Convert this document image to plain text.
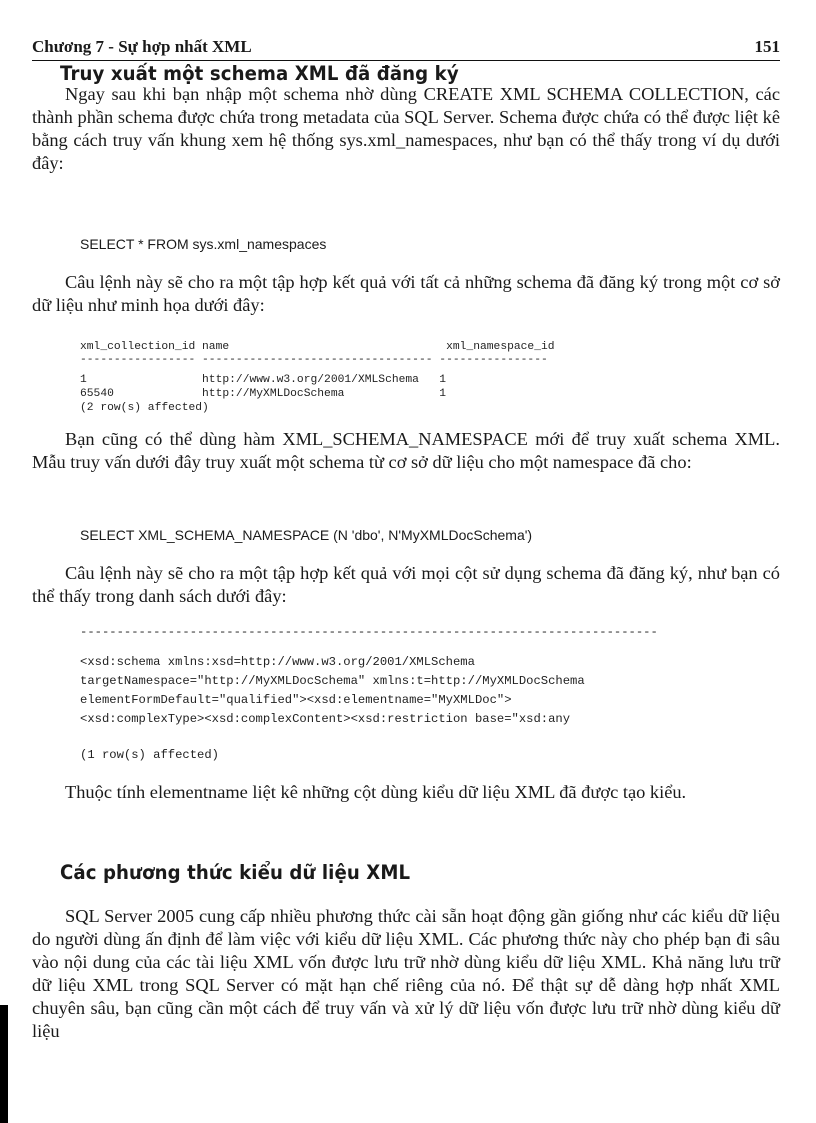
Chương 7 - Sự hợp nhất XML	151
Truy xuất một schema XML đã đăng ký

Ngay sau khi bạn nhập một schema nhờ dùng CREATE XML SCHEMA COLLECTION, các thành phần schema được chứa trong metadata của SQL Server. Schema được chứa có thể được liệt kê bằng cách truy vấn khung xem hệ thống sys.xml_namespaces, như bạn có thể thấy trong ví dụ dưới đây:

SELECT * FROM sys.xml_namespaces

Câu lệnh này sẽ cho ra một tập hợp kết quả với tất cả những schema đã đăng ký trong một cơ sở dữ liệu như minh họa dưới đây:

xml_collection_id name                                xml_namespace_id
----------------- ---------------------------------- ----------------
1                 http://www.w3.org/2001/XMLSchema   1
65540             http://MyXMLDocSchema              1
(2 row(s) affected)

Bạn cũng có thể dùng hàm XML_SCHEMA_NAMESPACE mới để truy xuất schema XML. Mẫu truy vấn dưới đây truy xuất một schema từ cơ sở dữ liệu cho một namespace đã cho:

SELECT XML_SCHEMA_NAMESPACE (N 'dbo', N'MyXMLDocSchema')

Câu lệnh này sẽ cho ra một tập hợp kết quả với mọi cột sử dụng schema đã đăng ký, như bạn có thể thấy trong danh sách dưới đây:

-------------------------------------------------------------------------------
<xsd:schema xmlns:xsd=http://www.w3.org/2001/XMLSchema
targetNamespace="http://MyXMLDocSchema" xmlns:t=http://MyXMLDocSchema
elementFormDefault="qualified"><xsd:elementname="MyXMLDoc">
<xsd:complexType><xsd:complexContent><xsd:restriction base="xsd:any
(1 row(s) affected)

Thuộc tính elementname liệt kê những cột dùng kiểu dữ liệu XML đã được tạo kiểu.

Các phương thức kiểu dữ liệu XML

SQL Server 2005 cung cấp nhiều phương thức cài sẵn hoạt động gần giống như các kiểu dữ liệu do người dùng ấn định để làm việc với kiểu dữ liệu XML. Các phương thức này cho phép bạn đi sâu vào nội dung của các tài liệu XML vốn được lưu trữ nhờ dùng kiểu dữ liệu XML. Khả năng lưu trữ dữ liệu XML trong SQL Server có mặt hạn chế riêng của nó. Để thật sự dễ dàng hợp nhất XML chuyên sâu, bạn cũng cần một cách để truy vấn và xử lý dữ liệu vốn được lưu trữ nhờ dùng kiểu dữ liệu
